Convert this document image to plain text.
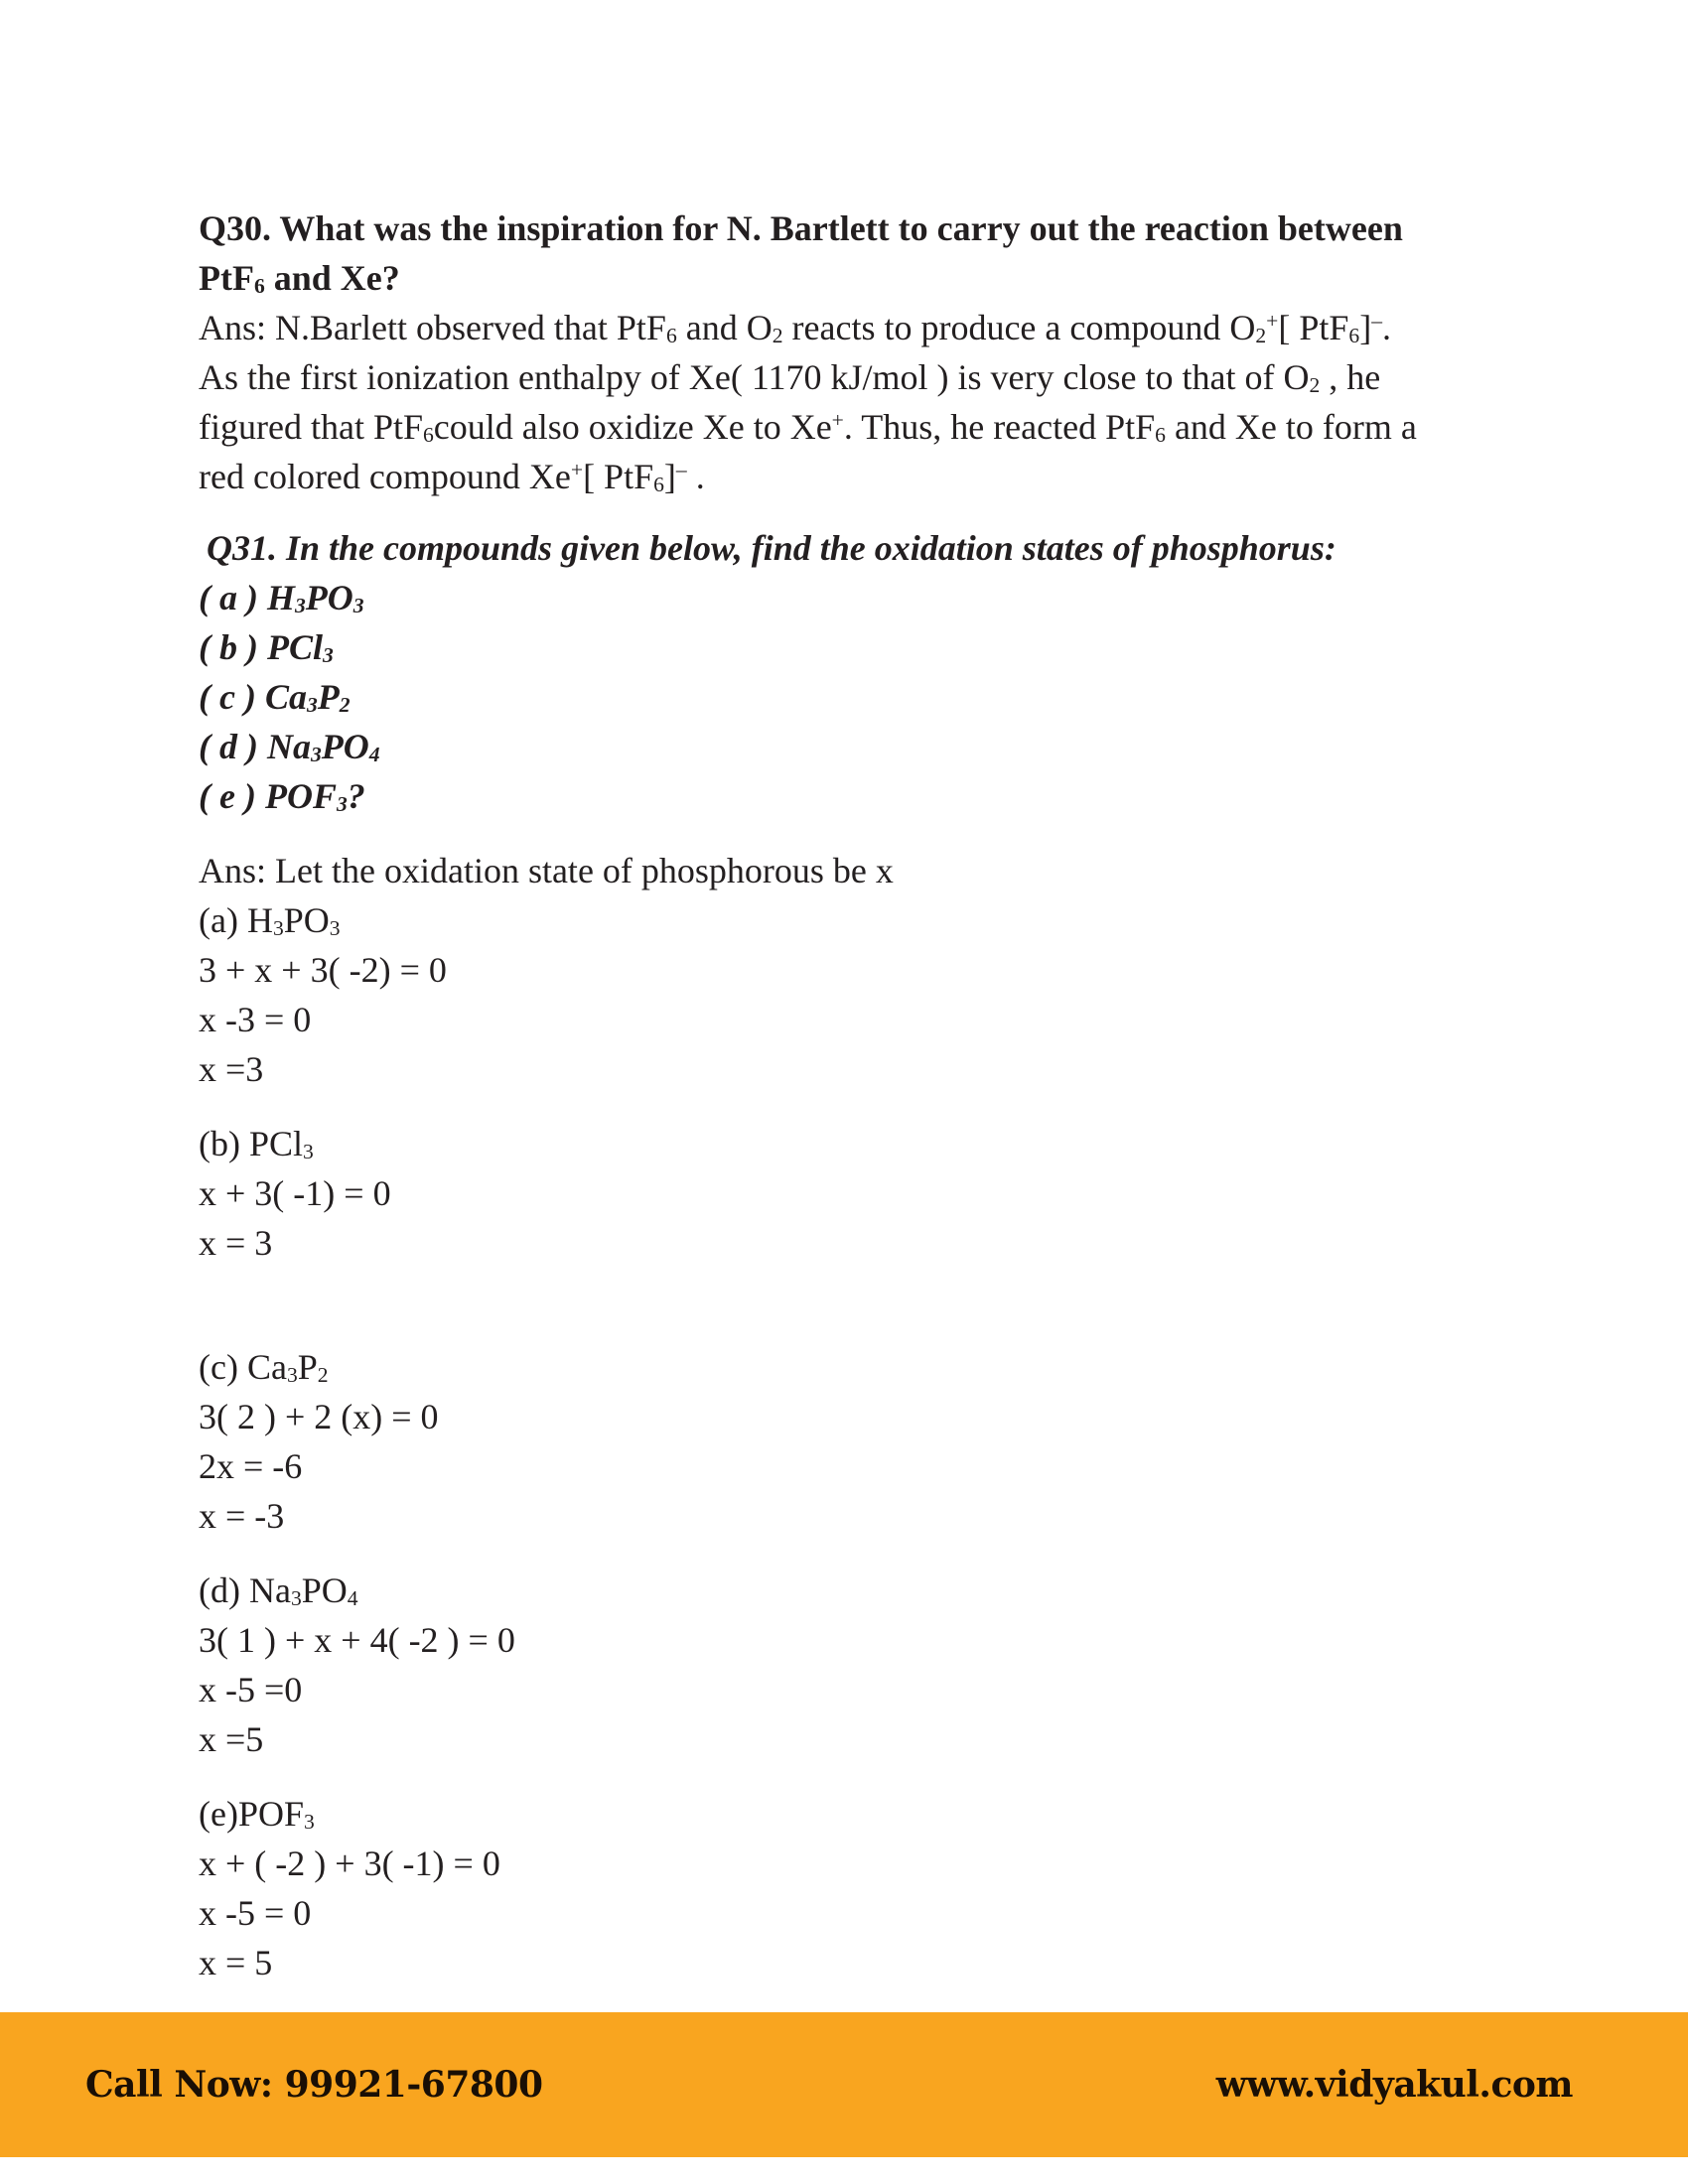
Q30. What was the inspiration for N. Bartlett to carry out the reaction between
PtF$_6$ and Xe?
Ans: N.Barlett observed that PtF$_6$ and $O_2$ reacts to produce a compound $O_2^+$[ PtF$_6$]–.
As the first ionization enthalpy of Xe( 1170 kJ/mol ) is very close to that of $O_2$ , he
figured that PtF$_6$could also oxidize Xe to Xe+. Thus, he reacted PtF$_6$ and Xe to form a
red colored compound Xe+[ PtF$_6$]– .
Q31. In the compounds given below, find the oxidation states of phosphorus:
( a ) $H_3PO_3$
( b ) PCl$_3$
( c ) $Ca_3P_2$
( d ) $Na_3PO_4$
( e ) $POF_3$?
Ans: Let the oxidation state of phosphorous be x
(a) $H_3PO_3$
3 + x + 3( -2) = 0
x -3 = 0
x =3
(b) PCl$_3$
x + 3( -1) = 0
x = 3
(c) $Ca_3P_2$
3( 2 ) + 2 (x) = 0
2x = -6
x = -3
(d) $Na_3PO_4$
3( 1 ) + x + 4( -2 ) = 0
x -5 =0
x =5
$(e)POF_3$
x + ( -2 ) + 3( -1) = 0
x -5 = 0
x = 5
Call Now: 99921-67800	www.vidyakul.com
